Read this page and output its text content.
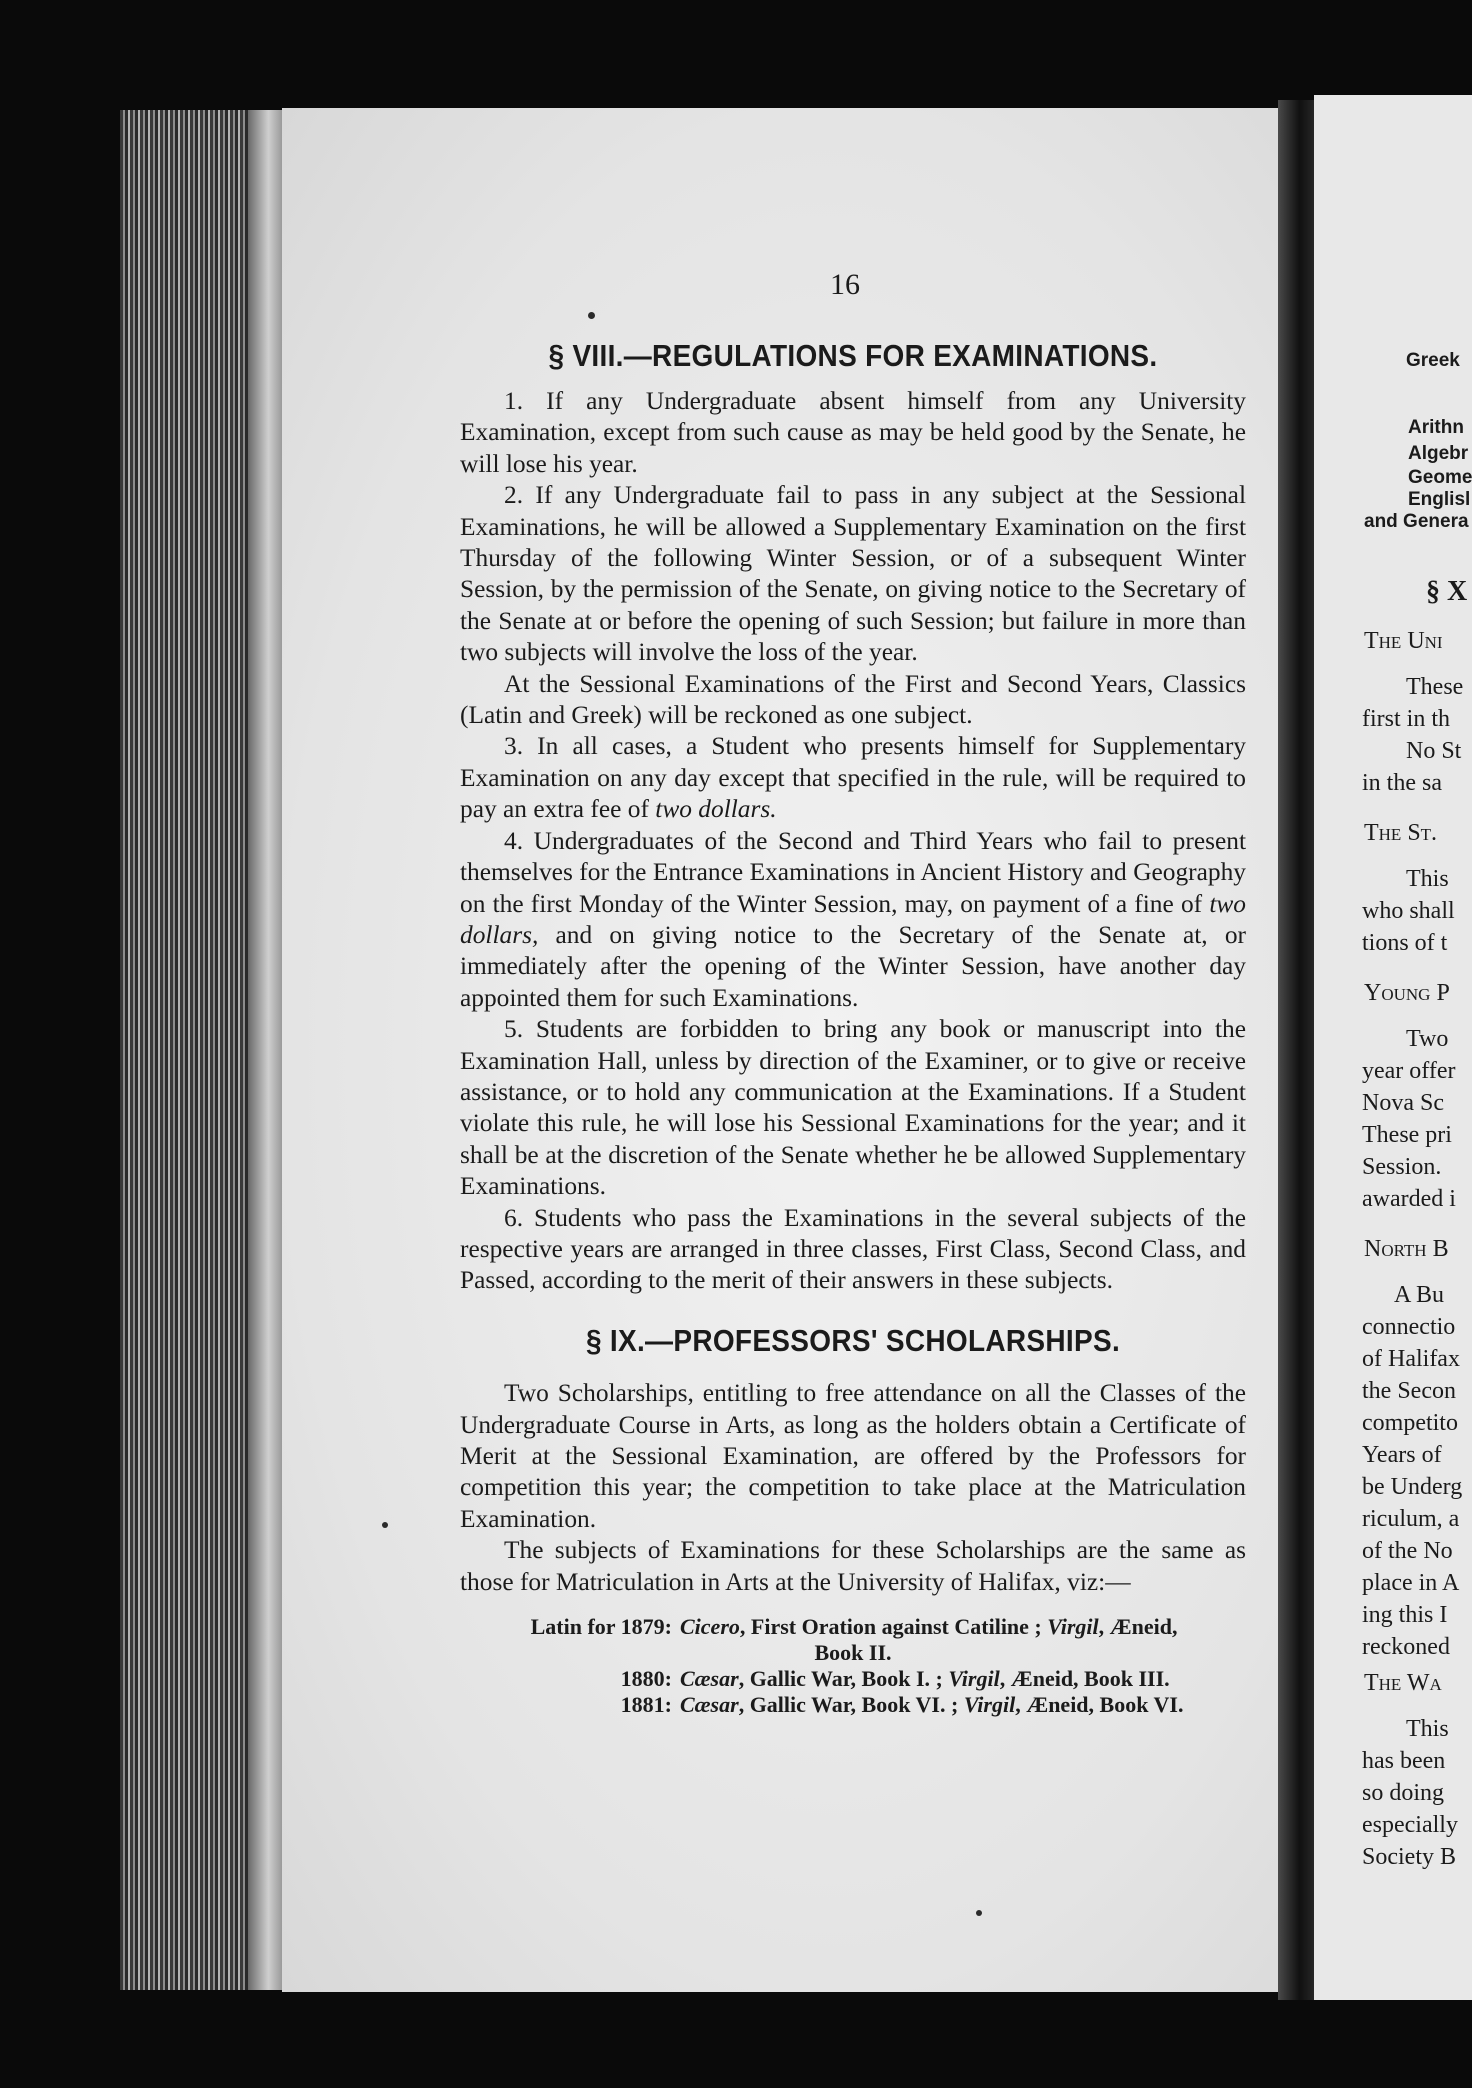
16
§ VIII.—REGULATIONS FOR EXAMINATIONS.

1. If any Undergraduate absent himself from any University Examination, except from such cause as may be held good by the Senate, he will lose his year.

2. If any Undergraduate fail to pass in any subject at the Sessional Examinations, he will be allowed a Supplementary Examination on the first Thursday of the following Winter Session, or of a subsequent Winter Session, by the permission of the Senate, on giving notice to the Secretary of the Senate at or before the opening of such Session; but failure in more than two subjects will involve the loss of the year.

At the Sessional Examinations of the First and Second Years, Classics (Latin and Greek) will be reckoned as one subject.

3. In all cases, a Student who presents himself for Supplementary Examination on any day except that specified in the rule, will be required to pay an extra fee of two dollars.

4. Undergraduates of the Second and Third Years who fail to present themselves for the Entrance Examinations in Ancient History and Geography on the first Monday of the Winter Session, may, on payment of a fine of two dollars, and on giving notice to the Secretary of the Senate at, or immediately after the opening of the Winter Session, have another day appointed them for such Examinations.

5. Students are forbidden to bring any book or manuscript into the Examination Hall, unless by direction of the Examiner, or to give or receive assistance, or to hold any communication at the Examinations. If a Student violate this rule, he will lose his Sessional Examinations for the year; and it shall be at the discretion of the Senate whether he be allowed Supplementary Examinations.

6. Students who pass the Examinations in the several subjects of the respective years are arranged in three classes, First Class, Second Class, and Passed, according to the merit of their answers in these subjects.

§ IX.—PROFESSORS' SCHOLARSHIPS.

Two Scholarships, entitling to free attendance on all the Classes of the Undergraduate Course in Arts, as long as the holders obtain a Certificate of Merit at the Sessional Examination, are offered by the Professors for competition this year; the competition to take place at the Matriculation Examination.

The subjects of Examinations for these Scholarships are the same as those for Matriculation in Arts at the University of Halifax, viz:—

Latin for 1879: Cicero, First Oration against Catiline ; Virgil, Æneid,
Book II.
1880: Cæsar, Gallic War, Book I. ; Virgil, Æneid, Book III.
1881: Cæsar, Gallic War, Book VI. ; Virgil, Æneid, Book VI.
Greek
Arithn
Algebr
Geome
Englisl
and Genera
§ X
The Uni
These
first in th
No St
in the sa
The St.
This
who shall
tions of t
Young P
Two
year offer
Nova Sc
These pri
Session.
awarded i
North B
A Bu
connectio
of Halifax
the Secon
competito
Years of
be Underg
riculum, a
of the No
place in A
ing this I
reckoned
The Wa
This
has been
so doing
especially
Society B
